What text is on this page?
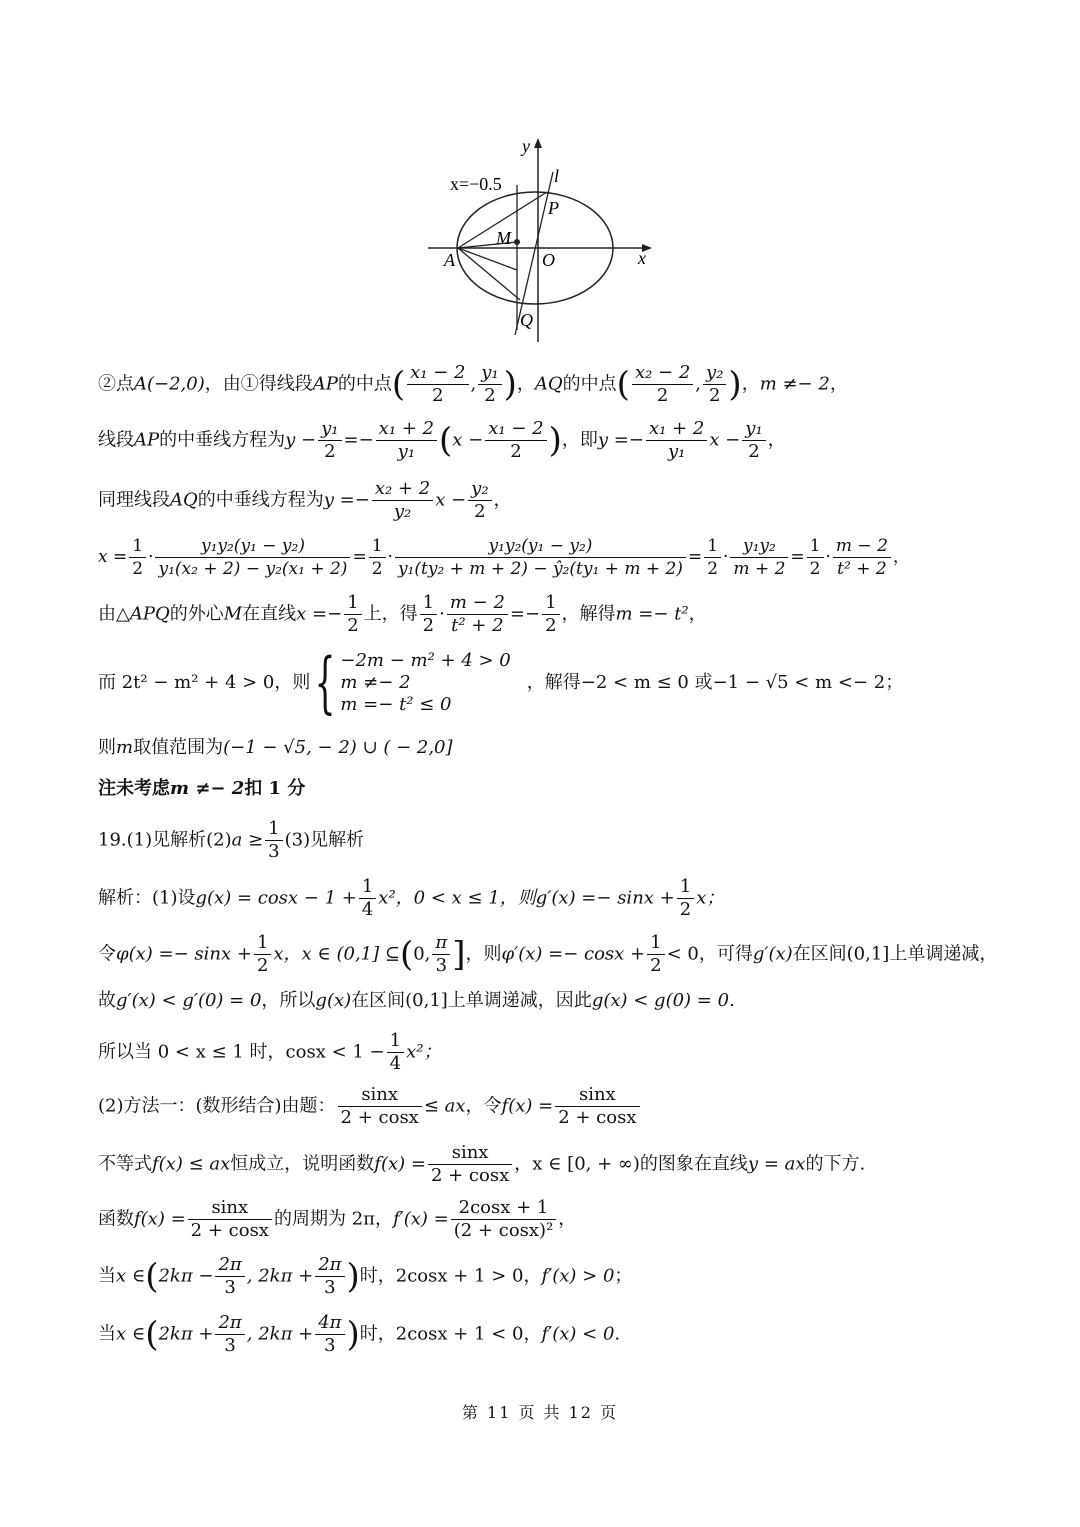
y
l
x=−0.5
P
M
A	O	x
Q
②点A(−2,0)，由①得线段AP的中点( $\frac{\text{x₁ − 2}}{2}$ , $\frac{\text{y₁}}{2}$ )，AQ的中点( $\frac{\text{x₂ − 2}}{2}$ , $\frac{\text{y₂}}{2}$ )，m ≠− 2，
线段AP的中垂线方程为$y - \frac{\text{y₁}}{2} =- \frac{\text{x₁ + 2}}{\text{y₁}} (x - \frac{\text{x₁ − 2}}{2}$ )，即$y =- \frac{\text{x₁ + 2}}{\text{y₁}}$ $x - \frac{\text{y₁}}{2}$ ，
同理线段AQ的中垂线方程为$y =- \frac{\text{x₂ + 2}}{\text{y₂}}$ $x - \frac{\text{y₂}}{2}$ ，
$x = \frac{1}{2} \cdot \frac{\text{y₁y₂(y₁ − y₂)}}{\text{y₁(x₂ + 2) − y₂(x₁ + 2)}} = \frac{1}{2} \cdot \frac{\text{y₁y₂(y₁ − y₂)}}{\text{y₁(ty₂ + m + 2) − ŷ₂(ty₁ + m + 2)}} = \frac{1}{2} \cdot \frac{\text{y₁y₂}}{m + 2} = \frac{1}{2} \cdot \frac{m - 2}{\text{t² + 2}}$ ，
由△APQ的外心M在直线$x =- \frac{1}{2}$ 上，得 $\frac{1}{2} \cdot \frac{m - 2}{\text{t² + 2}} =- \frac{1}{2}$ ，解得m =− t²，
而 2t² − m² + 4 > 0，则{ −2m − m² + 4 > 0
m ≠− 2
m =− t² ≤ 0
，解得−2 < m ≤ 0 或−1 − √5 < m <− 2；
则m取值范围为(−1 − √5, − 2) ∪ ( − 2,0]
注未考虑m ≠− 2扣 1 分
19.(1)见解析$(2)a \ge \frac{1}{3} (3)$见解析
解析：(1)设$g(x) = \cos x - 1 + \frac{1}{4} x^2$，0 < x ≤ 1，则$g'(x) =- \sin x + \frac{1}{2}$ x；
令$\varphi(x) =- \sin x + \frac{1}{2}$ x，x ∈ (0,1] ⊆(0, $\frac{\pi}{3}$ ]，则$\varphi'(x) =- \cos x + \frac{1}{2} < 0$，可得g′(x)在区间(0,1]上单调递减，
故g′(x) < g′(0) = 0，所以g(x)在区间(0,1]上单调递减，因此g(x) < g(0) = 0.
所以当 0 < x ≤ 1 时，$\cos x < 1 - \frac{1}{4} x^2$；
(2)方法一：(数形结合)由题： $\frac{\sin x}{2 + \cos x}$ ≤ ax，令$f(x) = \frac{\sin x}{2 + \cos x}$
不等式f(x) ≤ ax恒成立，说明函数$f(x) = \frac{\sin x}{2 + \cos x}$ ，x ∈ [0, + ∞)的图象在直线y = ax的下方.
函数$f(x) = \frac{\sin x}{2 + \cos x}$ 的周期为 2π，$f'(x) = \frac{2\cos x + 1}{\text{(2 + cosx)²}}$ ，
当x ∈(2kπ − $\frac{2\pi}{3}$ , $2k\pi + \frac{2\pi}{3}$ )时，2cosx + 1 > 0，f′(x) > 0；
当x ∈(2kπ + $\frac{2\pi}{3}$ , $2k\pi + \frac{4\pi}{3}$ )时，2cosx + 1 < 0，f′(x) < 0.
第 11 页 共 12 页
